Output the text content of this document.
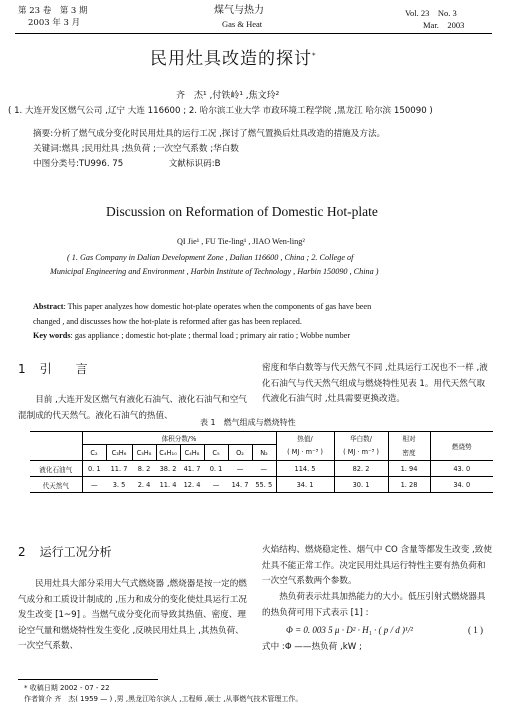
第 23 卷　第 3 期
2003 年 3 月
煤气与热力
Gas & Heat
Vol. 23　No. 3
Mar.　2003
民用灶具改造的探讨*
齐　杰¹ ,付铁岭¹ ,焦文玲²
( 1. 大连开发区燃气公司 ,辽宁 大连 116600 ; 2. 哈尔滨工业大学 市政环境工程学院 ,黑龙江 哈尔滨 150090 )
摘要:分析了燃气成分变化时民用灶具的运行工况 ,探讨了燃气置换后灶具改造的措施及方法。
关键词:燃具 ;民用灶具 ;热负荷 ;一次空气系数 ;华白数
中图分类号:TU996. 75	文献标识码:B
Discussion on Reformation of Domestic Hot-plate
QI Jie¹ , FU Tie-ling¹ , JIAO Wen-ling²
( 1. Gas Company in Dalian Development Zone , Dalian 116600 , China ; 2. College of
Municipal Engineering and Environment , Harbin Institute of Technology , Harbin 150090 , China )
Abstract: This paper analyzes how domestic hot-plate operates when the components of gas have been
changed , and discusses how the hot-plate is reformed after gas has been replaced.
Key words: gas appliance ; domestic hot-plate ; thermal load ; primary air ratio ; Wobbe number
1 引　　言
目前 ,大连开发区燃气有液化石油气、液化石油气和空气混制成的代天然气。液化石油气的热值、
密度和华白数等与代天然气不同 ,灶具运行工况也不一样 ,液化石油气与代天然气组成与燃烧特性见表 1。用代天然气取代液化石油气时 ,灶具需要更换改造。
表 1　燃气组成与燃烧特性
	体积分数/%								热值/	华白数/	相对	燃烧势
	C₂	C₃H₆	C₃H₈	C₄H₁₀	C₄H₈	C₅	O₂	N₂	( MJ · m⁻³ )	( MJ · m⁻³ )	密度	
液化石油气	0. 1	11. 7	8. 2	38. 2	41. 7	0. 1	—	—	114. 5	82. 2	1. 94	43. 0
代天然气	—	3. 5	2. 4	11. 4	12. 4	—	14. 7	55. 5	34. 1	30. 1	1. 28	34. 0
2 运行工况分析
民用灶具大部分采用大气式燃烧器 ,燃烧器是按一定的燃气成分和工质设计制成的 ,压力和成分的变化使灶具运行工况发生改变 [1~9] 。当燃气成分变化而导致其热值、密度、理论空气量和燃烧特性发生变化 ,反映民用灶具上 ,其热负荷、一次空气系数、
火焰结构、燃烧稳定性、烟气中 CO 含量等都发生改变 ,致使灶具不能正常工作。决定民用灶具运行特性主要有热负荷和一次空气系数两个参数。
热负荷表示灶具加热能力的大小。低压引射式燃烧器具的热负荷可用下式表示 [1] :
Φ = 0. 003 5 μ · D² · H₁ · ( p / d )¹/²	( 1 )
式中 :Φ ——热负荷 ,kW ;
* 收稿日期 2002 - 07 - 22
作者简介 齐　杰( 1959 — ) ,男 ,黑龙江哈尔滨人 ,工程师 ,硕士 ,从事燃气技术管理工作。
